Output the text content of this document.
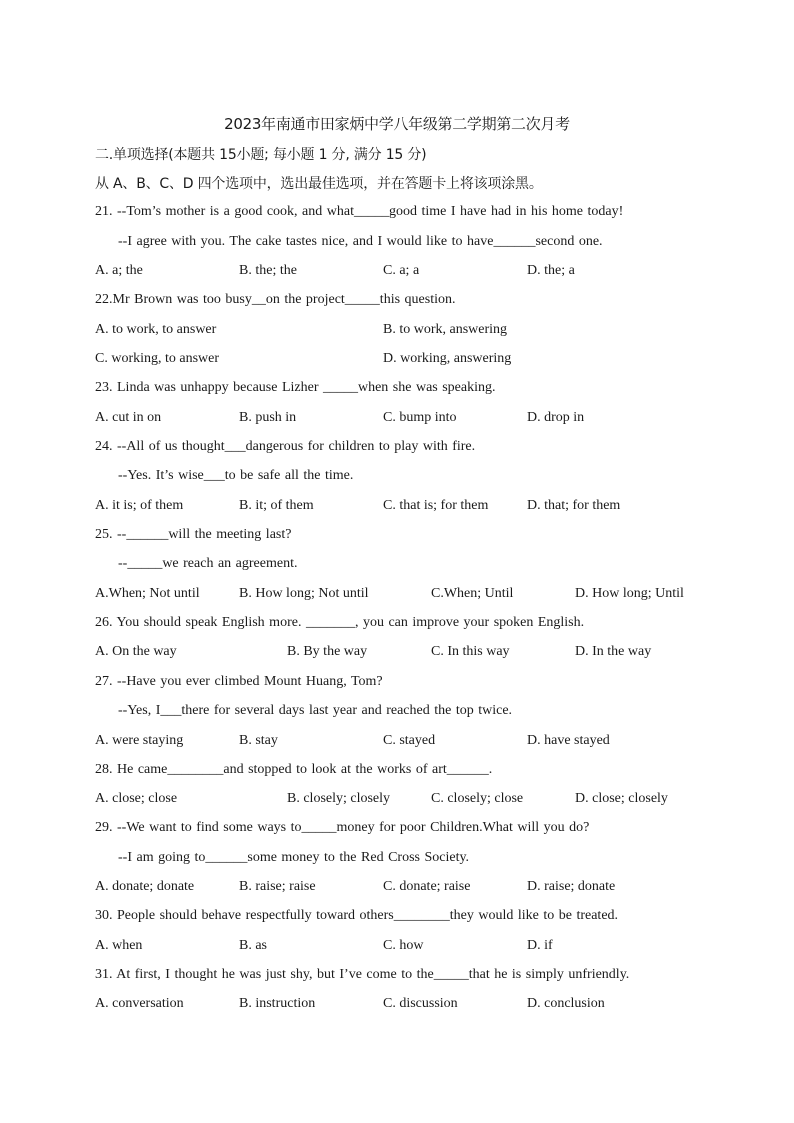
2023年南通市田家炳中学八年级第二学期第二次月考
二.单项选择(本题共 15小题; 每小题 1 分, 满分 15 分)
从 A、B、C、D 四个选项中，选出最佳选项，并在答题卡上将该项涂黑。
21. --Tom’s mother is a good cook, and what_____good time I have had in his home today!
--I agree with you. The cake tastes nice, and I would like to have______second one.
A. a; the	B. the; the	C. a; a	D. the; a
22.Mr Brown was too busy__on the project_____this question.
A. to work, to answer	B. to work, answering
C. working, to answer	D. working, answering
23. Linda was unhappy because Lizher _____when she was speaking.
A. cut in on	B. push in	C. bump into	D. drop in
24. --All of us thought___dangerous for children to play with fire.
--Yes. It’s wise___to be safe all the time.
A. it is; of them	B. it; of them	C. that is; for them	D. that; for them
25. --______will the meeting last?
--_____we reach an agreement.
A.When; Not until	B. How long; Not until	C.When; Until	D. How long; Until
26. You should speak English more. _______, you can improve your spoken English.
A. On the way	B. By the way	C. In this way	D. In the way
27. --Have you ever climbed Mount Huang, Tom?
--Yes, I___there for several days last year and reached the top twice.
A. were staying	B. stay	C. stayed	D. have stayed
28. He came________and stopped to look at the works of art______.
A. close; close	B. closely; closely	C. closely; close	D. close; closely
29. --We want to find some ways to_____money for poor Children.What will you do?
--I am going to______some money to the Red Cross Society.
A. donate; donate	B. raise; raise	C. donate; raise	D. raise; donate
30. People should behave respectfully toward others________they would like to be treated.
A. when	B. as	C. how	D. if
31. At first, I thought he was just shy, but I’ve come to the_____that he is simply unfriendly.
A. conversation	B. instruction	C. discussion	D. conclusion
